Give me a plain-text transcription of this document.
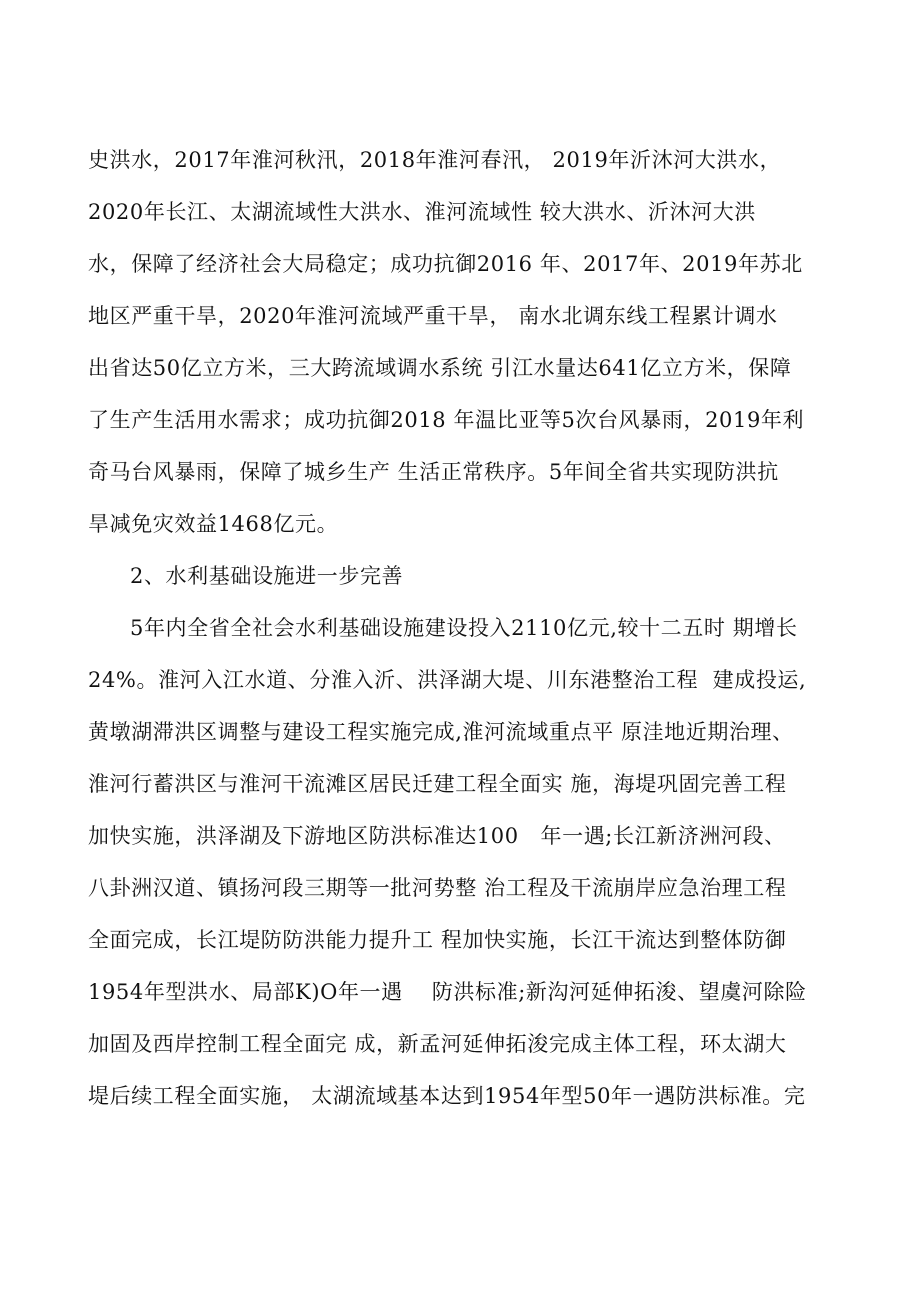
史洪水，2017年淮河秋汛，2018年淮河春汛， 2019年沂沐河大洪水，
2020年长江、太湖流域性大洪水、淮河流域性 较大洪水、沂沐河大洪
水，保障了经济社会大局稳定；成功抗御2016 年、2017年、2019年苏北
地区严重干旱，2020年淮河流域严重干旱， 南水北调东线工程累计调水
出省达50亿立方米，三大跨流域调水系统 引江水量达641亿立方米，保障
了生产生活用水需求；成功抗御2018 年温比亚等5次台风暴雨，2019年利
奇马台风暴雨，保障了城乡生产 生活正常秩序。5年间全省共实现防洪抗
旱减免灾效益1468亿元。
2、水利基础设施进一步完善
5年内全省全社会水利基础设施建设投入2110亿元,较十二五时 期增长
24%。淮河入江水道、分淮入沂、洪泽湖大堤、川东港整治工程  建成投运,
黄墩湖滞洪区调整与建设工程实施完成,淮河流域重点平 原洼地近期治理、
淮河行蓄洪区与淮河干流滩区居民迁建工程全面实 施，海堤巩固完善工程
加快实施，洪泽湖及下游地区防洪标准达100   年一遇;长江新济洲河段、
八卦洲汉道、镇扬河段三期等一批河势整 治工程及干流崩岸应急治理工程
全面完成，长江堤防防洪能力提升工 程加快实施，长江干流达到整体防御
1954年型洪水、局部K)O年一遇    防洪标准;新沟河延伸拓浚、望虞河除险
加固及西岸控制工程全面完 成，新孟河延伸拓浚完成主体工程，环太湖大
堤后续工程全面实施， 太湖流域基本达到1954年型50年一遇防洪标准。完
